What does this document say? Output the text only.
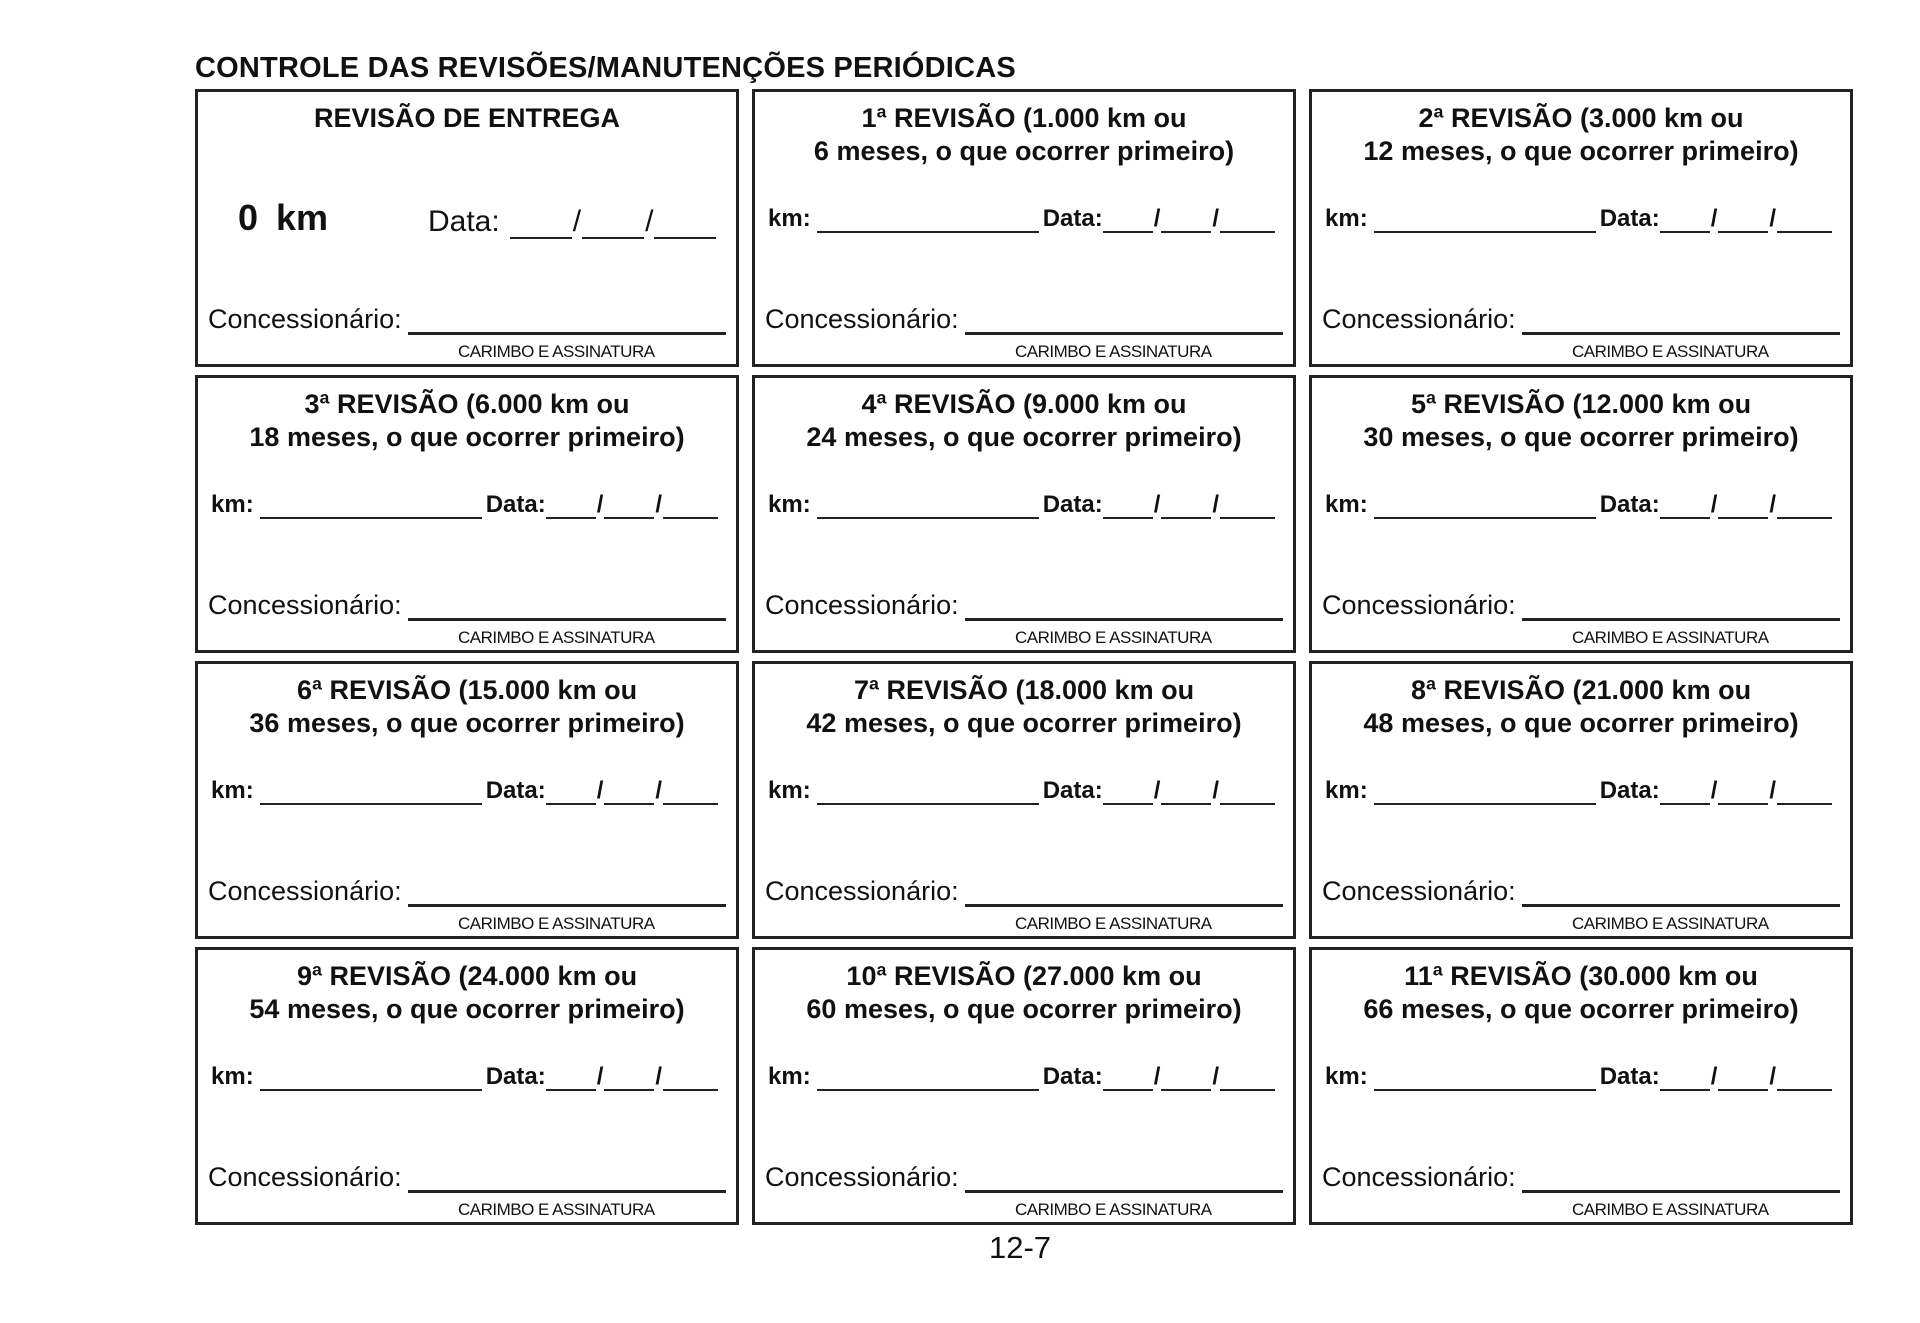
CONTROLE DAS REVISÕES/MANUTENÇÕES PERIÓDICAS
REVISÃO DE ENTREGA
0 km	Data: / /
Concessionário:
CARIMBO E ASSINATURA
1ª REVISÃO (1.000 km ou
6 meses, o que ocorrer primeiro)
km:	Data: / /
Concessionário:
CARIMBO E ASSINATURA
2ª REVISÃO (3.000 km ou
12 meses, o que ocorrer primeiro)
km:	Data: / /
Concessionário:
CARIMBO E ASSINATURA
3ª REVISÃO (6.000 km ou
18 meses, o que ocorrer primeiro)
km:	Data: / /
Concessionário:
CARIMBO E ASSINATURA
4ª REVISÃO (9.000 km ou
24 meses, o que ocorrer primeiro)
km:	Data: / /
Concessionário:
CARIMBO E ASSINATURA
5ª REVISÃO (12.000 km ou
30 meses, o que ocorrer primeiro)
km:	Data: / /
Concessionário:
CARIMBO E ASSINATURA
6ª REVISÃO (15.000 km ou
36 meses, o que ocorrer primeiro)
km:	Data: / /
Concessionário:
CARIMBO E ASSINATURA
7ª REVISÃO (18.000 km ou
42 meses, o que ocorrer primeiro)
km:	Data: / /
Concessionário:
CARIMBO E ASSINATURA
8ª REVISÃO (21.000 km ou
48 meses, o que ocorrer primeiro)
km:	Data: / /
Concessionário:
CARIMBO E ASSINATURA
9ª REVISÃO (24.000 km ou
54 meses, o que ocorrer primeiro)
km:	Data: / /
Concessionário:
CARIMBO E ASSINATURA
10ª REVISÃO (27.000 km ou
60 meses, o que ocorrer primeiro)
km:	Data: / /
Concessionário:
CARIMBO E ASSINATURA
11ª REVISÃO (30.000 km ou
66 meses, o que ocorrer primeiro)
km:	Data: / /
Concessionário:
CARIMBO E ASSINATURA
12-7
